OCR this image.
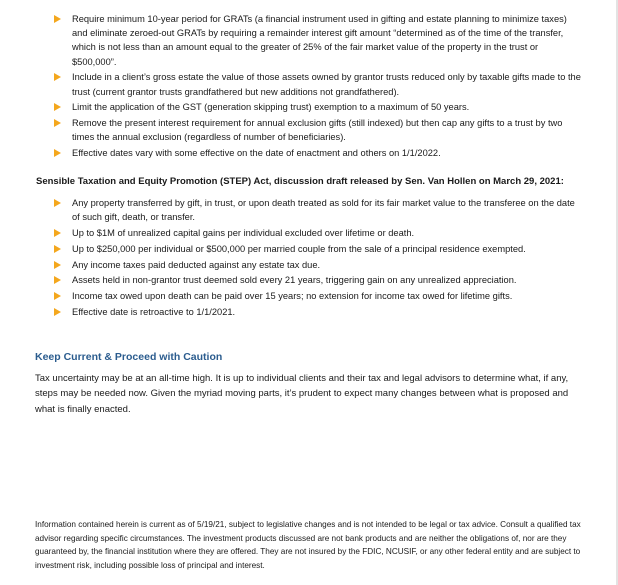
Require minimum 10-year period for GRATs (a financial instrument used in gifting and estate planning to minimize taxes) and eliminate zeroed-out GRATs by requiring a remainder interest gift amount “determined as of the time of the transfer, which is not less than an amount equal to the greater of 25% of the fair market value of the property in the trust or $500,000”.
Include in a client’s gross estate the value of those assets owned by grantor trusts reduced only by taxable gifts made to the trust (current grantor trusts grandfathered but new additions not grandfathered).
Limit the application of the GST (generation skipping trust) exemption to a maximum of 50 years.
Remove the present interest requirement for annual exclusion gifts (still indexed) but then cap any gifts to a trust by two times the annual exclusion (regardless of number of beneficiaries).
Effective dates vary with some effective on the date of enactment and others on 1/1/2022.
Sensible Taxation and Equity Promotion (STEP) Act, discussion draft released by Sen. Van Hollen on March 29, 2021:
Any property transferred by gift, in trust, or upon death treated as sold for its fair market value to the transferee on the date of such gift, death, or transfer.
Up to $1M of unrealized capital gains per individual excluded over lifetime or death.
Up to $250,000 per individual or $500,000 per married couple from the sale of a principal residence exempted.
Any income taxes paid deducted against any estate tax due.
Assets held in non-grantor trust deemed sold every 21 years, triggering gain on any unrealized appreciation.
Income tax owed upon death can be paid over 15 years; no extension for income tax owed for lifetime gifts.
Effective date is retroactive to 1/1/2021.
Keep Current & Proceed with Caution
Tax uncertainty may be at an all-time high. It is up to individual clients and their tax and legal advisors to determine what, if any, steps may be needed now. Given the myriad moving parts, it’s prudent to expect many changes between what is proposed and what is finally enacted.
Information contained herein is current as of 5/19/21, subject to legislative changes and is not intended to be legal or tax advice. Consult a qualified tax advisor regarding specific circumstances. The investment products discussed are not bank products and are neither the obligations of, nor are they guaranteed by, the financial institution where they are offered. They are not insured by the FDIC, NCUSIF, or any other federal entity and are subject to investment risk, including possible loss of principal and interest.
